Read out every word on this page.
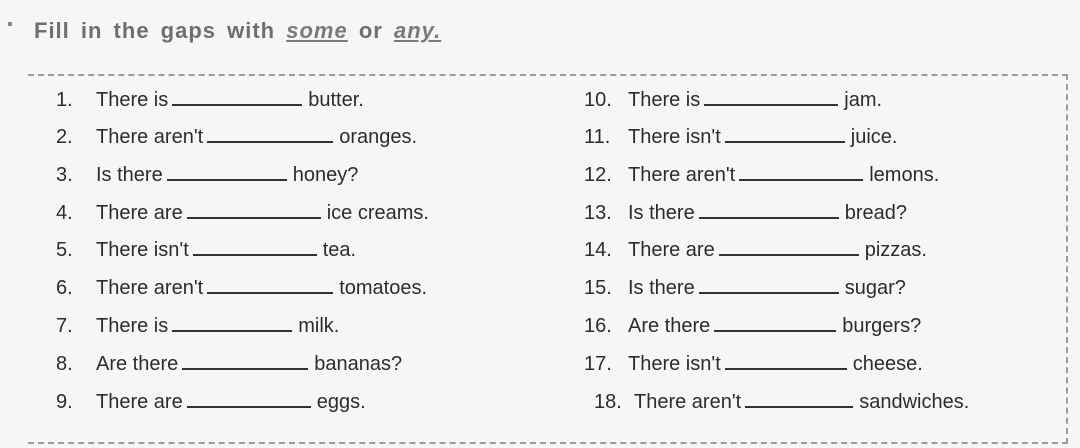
Fill in the gaps with some or any.
1. There is	butter.
2. There aren't	oranges.
3. Is there	honey?
4. There are	ice creams.
5. There isn't	tea.
6. There aren't	tomatoes.
7. There is	milk.
8. Are there	bananas?
9. There are	eggs.
10. There is	jam.
11. There isn't	juice.
12. There aren't	lemons.
13. Is there	bread?
14. There are	pizzas.
15. Is there	sugar?
16. Are there	burgers?
17. There isn't	cheese.
18. There aren't	sandwiches.
